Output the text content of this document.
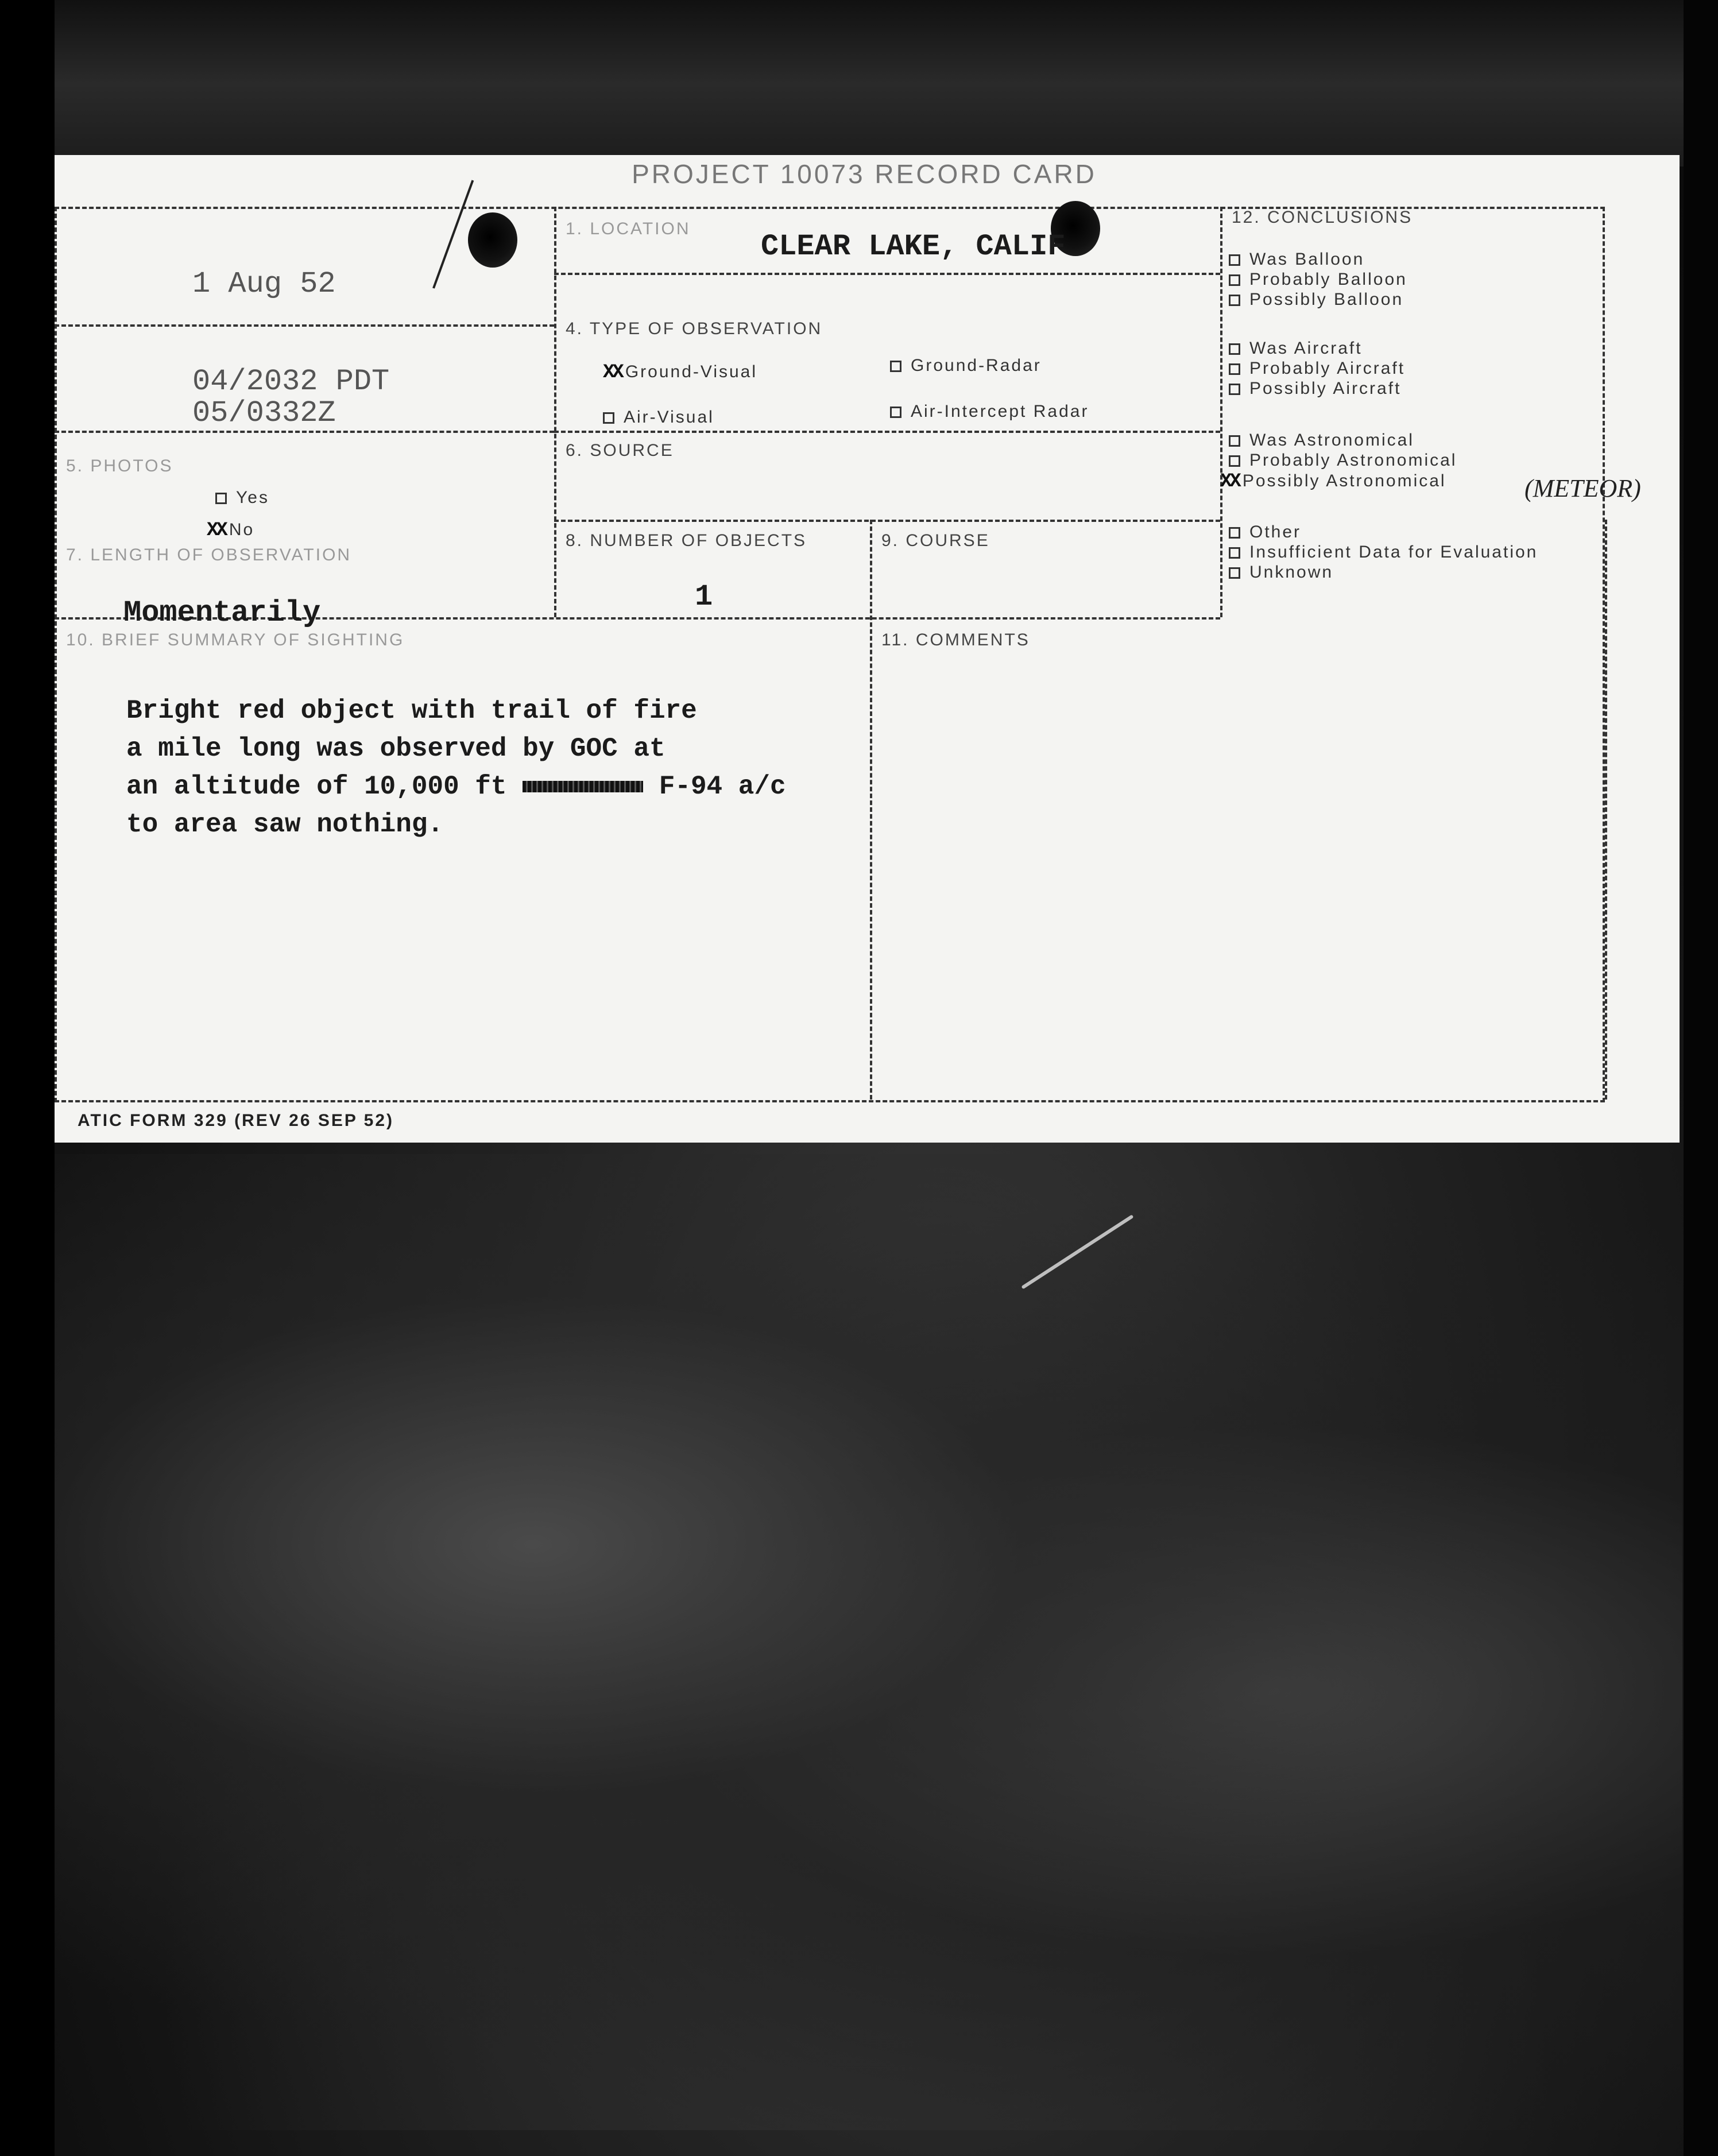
PROJECT 10073 RECORD CARD
1 Aug 52
04/2032 PDT
05/0332Z
1. LOCATION
CLEAR LAKE, CALIF
4. TYPE OF OBSERVATION
XX Ground-Visual	Ground-Radar
Air-Visual	Air-Intercept Radar
5. PHOTOS
Yes
XX No
6. SOURCE
7. LENGTH OF OBSERVATION
Momentarily
8. NUMBER OF OBJECTS
1
9. COURSE
10. BRIEF SUMMARY OF SIGHTING
Bright red object with trail of fire
a mile long was observed by GOC at
an altitude of 10,000 ft	F-94 a/c
to area saw nothing.
11. COMMENTS
12. CONCLUSIONS
Was Balloon
Probably Balloon
Possibly Balloon
Was Aircraft
Probably Aircraft
Possibly Aircraft
Was Astronomical
Probably Astronomical
XX Possibly Astronomical	(METEOR)
Other
Insufficient Data for Evaluation
Unknown
ATIC FORM 329 (REV 26 SEP 52)
